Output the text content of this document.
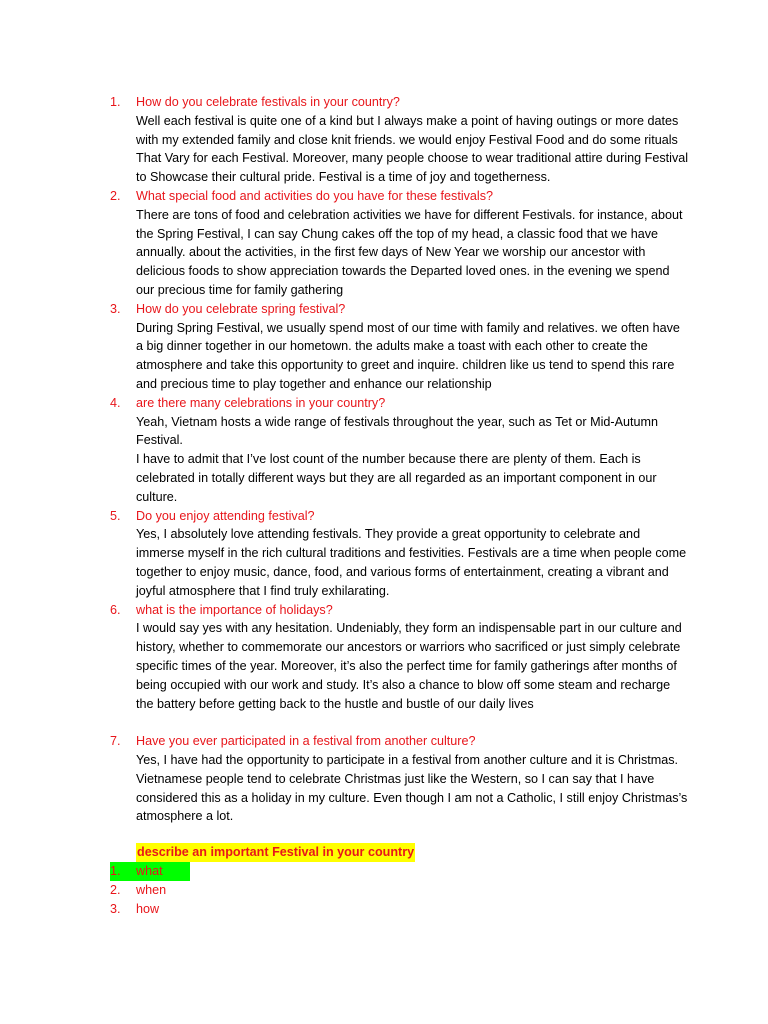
1. How do you celebrate festivals in your country?

Well each festival is quite one of a kind but I always make a point of having outings or more dates with my extended family and close knit friends. we would enjoy Festival Food and do some rituals That Vary for each Festival. Moreover, many people choose to wear traditional attire during Festival to Showcase their cultural pride. Festival is a time of joy and togetherness.

2. What special food and activities do you have for these festivals?

There are tons of food and celebration activities we have for different Festivals. for instance, about the Spring Festival, I can say Chung cakes off the top of my head, a classic food that we have annually. about the activities, in the first few days of New Year we worship our ancestor with delicious foods to show appreciation towards the Departed loved ones. in the evening we spend our precious time for family gathering

3. How do you celebrate spring festival?

During Spring Festival, we usually spend most of our time with family and relatives. we often have a big dinner together in our hometown. the adults make a toast with each other to create the atmosphere and take this opportunity to greet and inquire. children like us tend to spend this rare and precious time to play together and enhance our relationship

4. are there many celebrations in your country?

Yeah, Vietnam hosts a wide range of festivals throughout the year, such as Tet or Mid-Autumn Festival.

I have to admit that I’ve lost count of the number because there are plenty of them. Each is celebrated in totally different ways but they are all regarded as an important component in our culture.

5. Do you enjoy attending festival?

Yes, I absolutely love attending festivals. They provide a great opportunity to celebrate and immerse myself in the rich cultural traditions and festivities. Festivals are a time when people come together to enjoy music, dance, food, and various forms of entertainment, creating a vibrant and joyful atmosphere that I find truly exhilarating.

6. what is the importance of holidays?

I would say yes with any hesitation. Undeniably, they form an indispensable part in our culture and history, whether to commemorate our ancestors or warriors who sacrificed or just simply celebrate specific times of the year. Moreover, it’s also the perfect time for family gatherings after months of being occupied with our work and study. It’s also a chance to blow off some steam and recharge the battery before getting back to the hustle and bustle of our daily lives

7. Have you ever participated in a festival from another culture?

Yes, I have had the opportunity to participate in a festival from another culture and it is Christmas. Vietnamese people tend to celebrate Christmas just like the Western, so I can say that I have considered this as a holiday in my culture. Even though I am not a Catholic, I still enjoy Christmas’s atmosphere a lot.

describe an important Festival in your country
1. what
2. when
3. how
